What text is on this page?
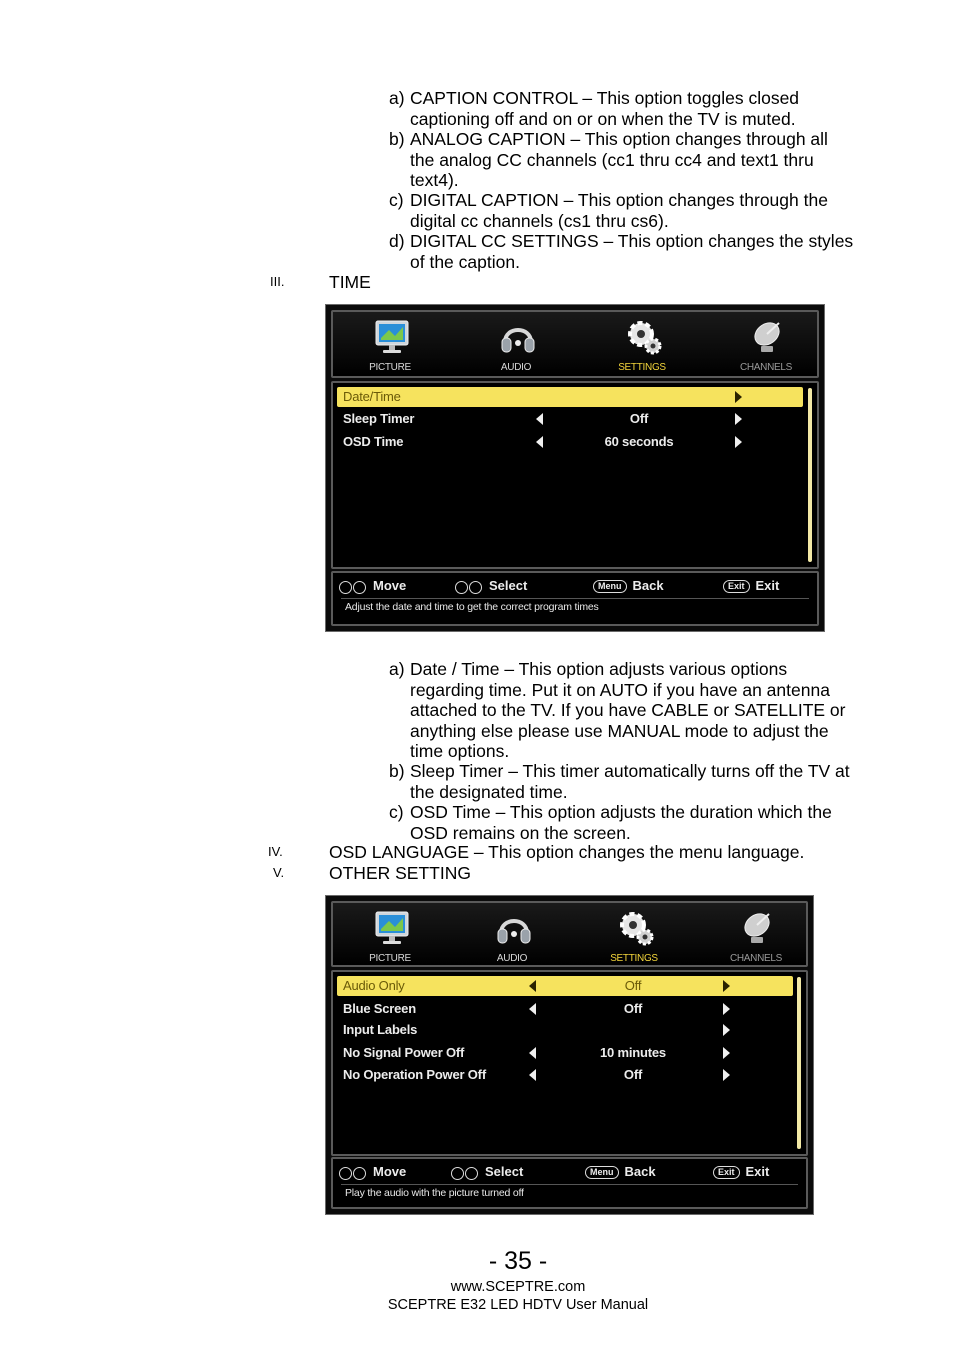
a) CAPTION CONTROL – This option toggles closed
captioning off and on or on when the TV is muted.
b) ANALOG CAPTION – This option changes through all
the analog CC channels (cc1 thru cc4 and text1 thru
text4).
c) DIGITAL CAPTION – This option changes through the
digital cc channels (cs1 thru cs6).
d) DIGITAL CC SETTINGS – This option changes the styles
of the caption.
III.	TIME
PICTURE	AUDIO	SETTINGS	CHANNELS
Date/Time
Sleep Timer	Off
OSD Time	60 seconds
Move	Select	Menu Back	Exit Exit
Adjust the date and time to get the correct program times
a) Date / Time – This option adjusts various options
regarding time. Put it on AUTO if you have an antenna
attached to the TV. If you have CABLE or SATELLITE or
anything else please use MANUAL mode to adjust the
time options.
b) Sleep Timer – This timer automatically turns off the TV at
the designated time.
c) OSD Time – This option adjusts the duration which the
OSD remains on the screen.
IV.	OSD LANGUAGE – This option changes the menu language.
V.	OTHER SETTING
PICTURE	AUDIO	SETTINGS	CHANNELS
Audio Only	Off
Blue Screen	Off
Input Labels
No Signal Power Off	10 minutes
No Operation Power Off	Off
Move	Select	Menu Back	Exit Exit
Play the audio with the picture turned off
- 35 -
www.SCEPTRE.com
SCEPTRE E32 LED HDTV User Manual
